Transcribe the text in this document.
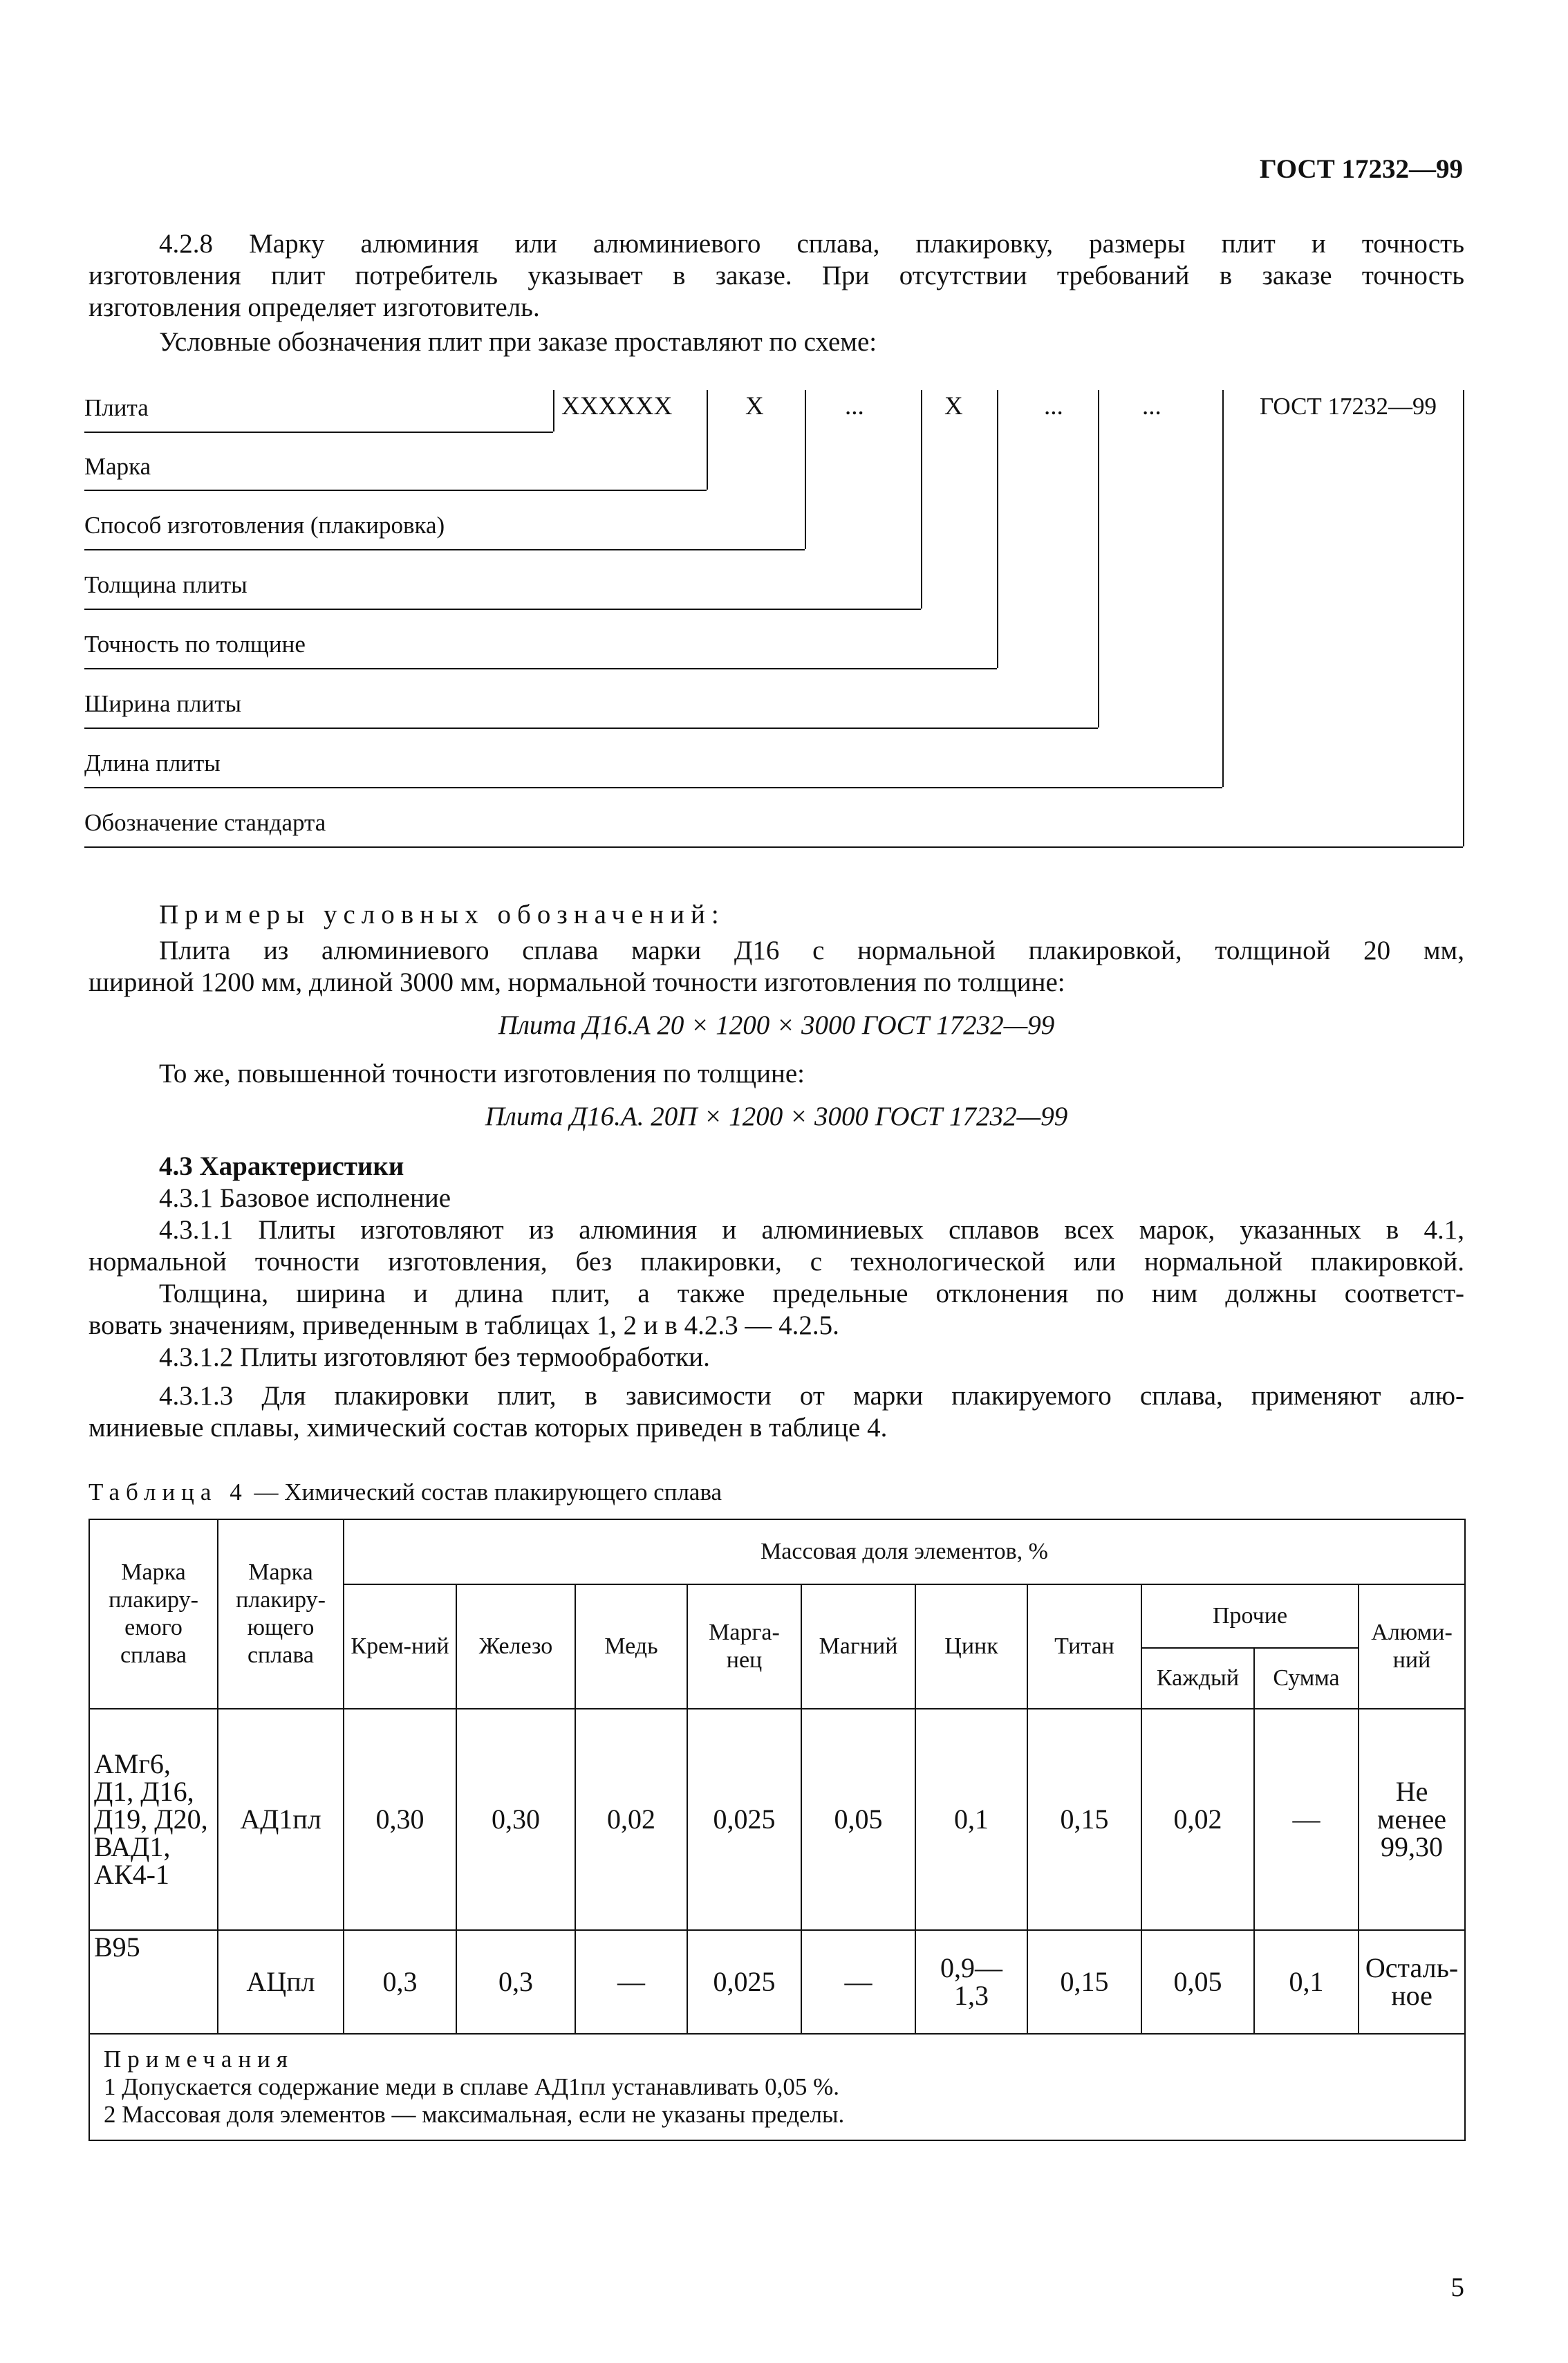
ГОСТ 17232—99
4.2.8 Марку алюминия или алюминиевого сплава, плакировку, размеры плит и точность
изготовления плит потребитель указывает в заказе. При отсутствии требований в заказе точность
изготовления определяет изготовитель.
Условные обозначения плит при заказе проставляют по схеме:
XXXXXX	X	...	X	...	...	ГОСТ 17232—99
Плита
Марка
Способ изготовления (плакировка)
Толщина плиты
Точность по толщине
Ширина плиты
Длина плиты
Обозначение стандарта
Примеры условных обозначений:
Плита из алюминиевого сплава марки Д16 с нормальной плакировкой, толщиной 20 мм,
шириной 1200 мм, длиной 3000 мм, нормальной точности изготовления по толщине:
Плита Д16.А 20 × 1200 × 3000 ГОСТ 17232—99
То же, повышенной точности изготовления по толщине:
Плита Д16.А. 20П × 1200 × 3000 ГОСТ 17232—99
4.3 Характеристики
4.3.1 Базовое исполнение
4.3.1.1 Плиты изготовляют из алюминия и алюминиевых сплавов всех марок, указанных в 4.1,
нормальной точности изготовления, без плакировки, с технологической или нормальной плакировкой.
Толщина, ширина и длина плит, а также предельные отклонения по ним должны соответст-
вовать значениям, приведенным в таблицах 1, 2 и в 4.2.3 — 4.2.5.
4.3.1.2 Плиты изготовляют без термообработки.
4.3.1.3 Для плакировки плит, в зависимости от марки плакируемого сплава, применяют алю-
миниевые сплавы, химический состав которых приведен в таблице 4.
Таблица 4 — Химический состав плакирующего сплава
Марка плакиру-емого сплава	Марка плакиру-ющего сплава	Массовая доля элементов, %									
		Крем-ний	Железо	Медь	Марга-нец	Магний	Цинк	Титан	Прочие		Алюми-ний
									Каждый	Сумма	
АМг6, Д1, Д16, Д19, Д20, ВАД1, АК4-1	АД1пл	0,30	0,30	0,02	0,025	0,05	0,1	0,15	0,02	—	Не менее 99,30
В95	АЦпл	0,3	0,3	—	0,025	—	0,9— 1,3	0,15	0,05	0,1	Осталь-ное

Примечания
1 Допускается содержание меди в сплаве АД1пл устанавливать 0,05 %.
2 Массовая доля элементов — максимальная, если не указаны пределы.											
5
